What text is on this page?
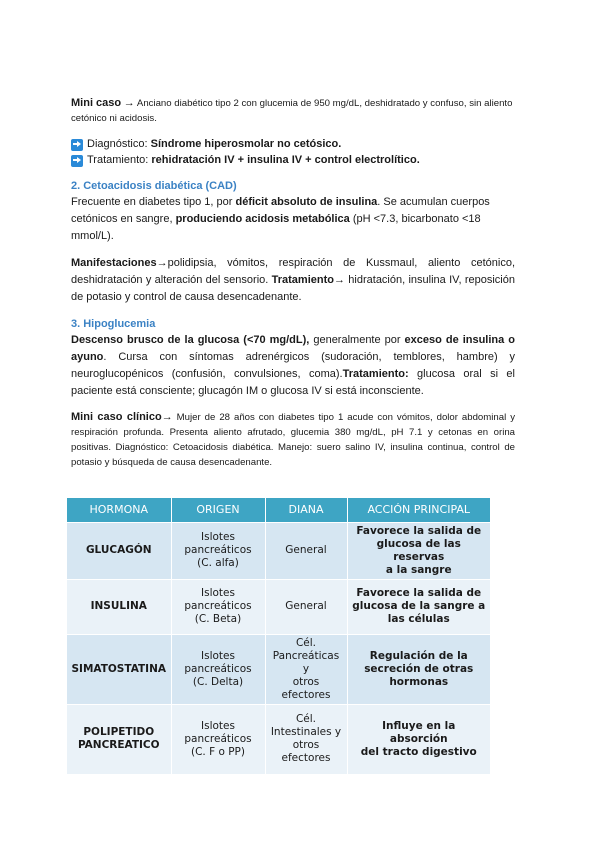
Mini caso → Anciano diabético tipo 2 con glucemia de 950 mg/dL, deshidratado y confuso, sin aliento cetónico ni acidosis.
Diagnóstico:
Síndrome hiperosmolar no cetósico.
Tratamiento:
rehidratación IV + insulina IV + control electrolítico.
2. Cetoacidosis diabética (CAD)
Frecuente en diabetes tipo 1, por déficit absoluto de insulina. Se acumulan cuerpos cetónicos en sangre, produciendo acidosis metabólica (pH <7.3, bicarbonato <18 mmol/L).
Manifestaciones→polidipsia, vómitos, respiración de Kussmaul, aliento cetónico, deshidratación y alteración del sensorio. Tratamiento→ hidratación, insulina IV, reposición de potasio y control de causa desencadenante.
3. Hipoglucemia
Descenso brusco de la glucosa (<70 mg/dL), generalmente por exceso de insulina o ayuno. Cursa con síntomas adrenérgicos (sudoración, temblores, hambre) y neuroglucopénicos (confusión, convulsiones, coma).Tratamiento: glucosa oral si el paciente está consciente; glucagón IM o glucosa IV si está inconsciente.
Mini caso clínico→ Mujer de 28 años con diabetes tipo 1 acude con vómitos, dolor abdominal y respiración profunda. Presenta aliento afrutado, glucemia 380 mg/dL, pH 7.1 y cetonas en orina positivas. Diagnóstico: Cetoacidosis diabética. Manejo: suero salino IV, insulina continua, control de potasio y búsqueda de causa desencadenante.
HORMONA	ORIGEN	DIANA	ACCIÓN PRINCIPAL

GLUCAGÓN	Islotes
pancreáticos
(C. alfa)	General	Favorece la salida de
glucosa de las reservas
a la sangre

INSULINA	Islotes
pancreáticos
(C. Beta)	General	Favorece la salida de
glucosa de la sangre a
las células

SIMATOSTATINA	Islotes
pancreáticos
(C. Delta)	Cél.
Pancreáticas y
otros
efectores	Regulación de la
secreción de otras
hormonas

POLIPETIDO
PANCREATICO	Islotes
pancreáticos
(C. F o PP)	Cél.
Intestinales y
otros
efectores	Influye en la absorción
del tracto digestivo
